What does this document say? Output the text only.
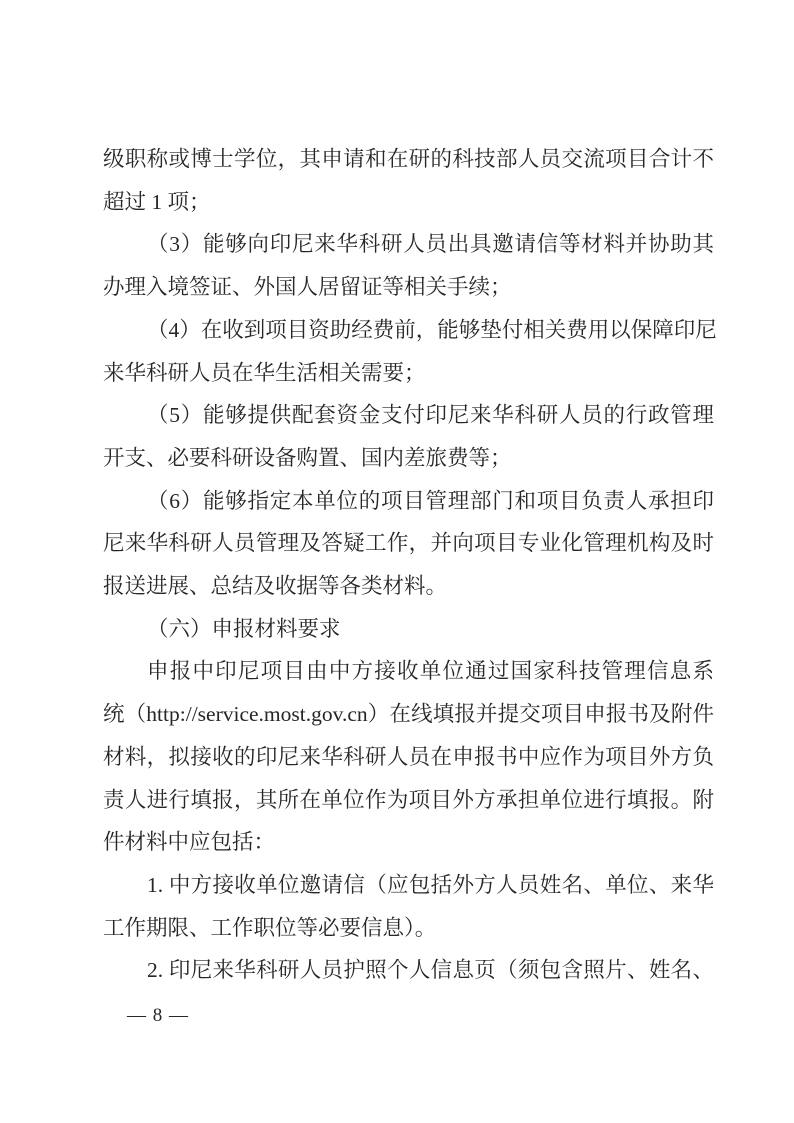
级职称或博士学位，其申请和在研的科技部人员交流项目合计不

超过 1 项；

（3）能够向印尼来华科研人员出具邀请信等材料并协助其

办理入境签证、外国人居留证等相关手续；

（4）在收到项目资助经费前，能够垫付相关费用以保障印尼

来华科研人员在华生活相关需要；

（5）能够提供配套资金支付印尼来华科研人员的行政管理

开支、必要科研设备购置、国内差旅费等；

（6）能够指定本单位的项目管理部门和项目负责人承担印

尼来华科研人员管理及答疑工作，并向项目专业化管理机构及时

报送进展、总结及收据等各类材料。

（六）申报材料要求

申报中印尼项目由中方接收单位通过国家科技管理信息系

统（http://service.most.gov.cn）在线填报并提交项目申报书及附件

材料，拟接收的印尼来华科研人员在申报书中应作为项目外方负

责人进行填报，其所在单位作为项目外方承担单位进行填报。附

件材料中应包括：

1. 中方接收单位邀请信（应包括外方人员姓名、单位、来华

工作期限、工作职位等必要信息）。

2. 印尼来华科研人员护照个人信息页（须包含照片、姓名、

— 8 —
